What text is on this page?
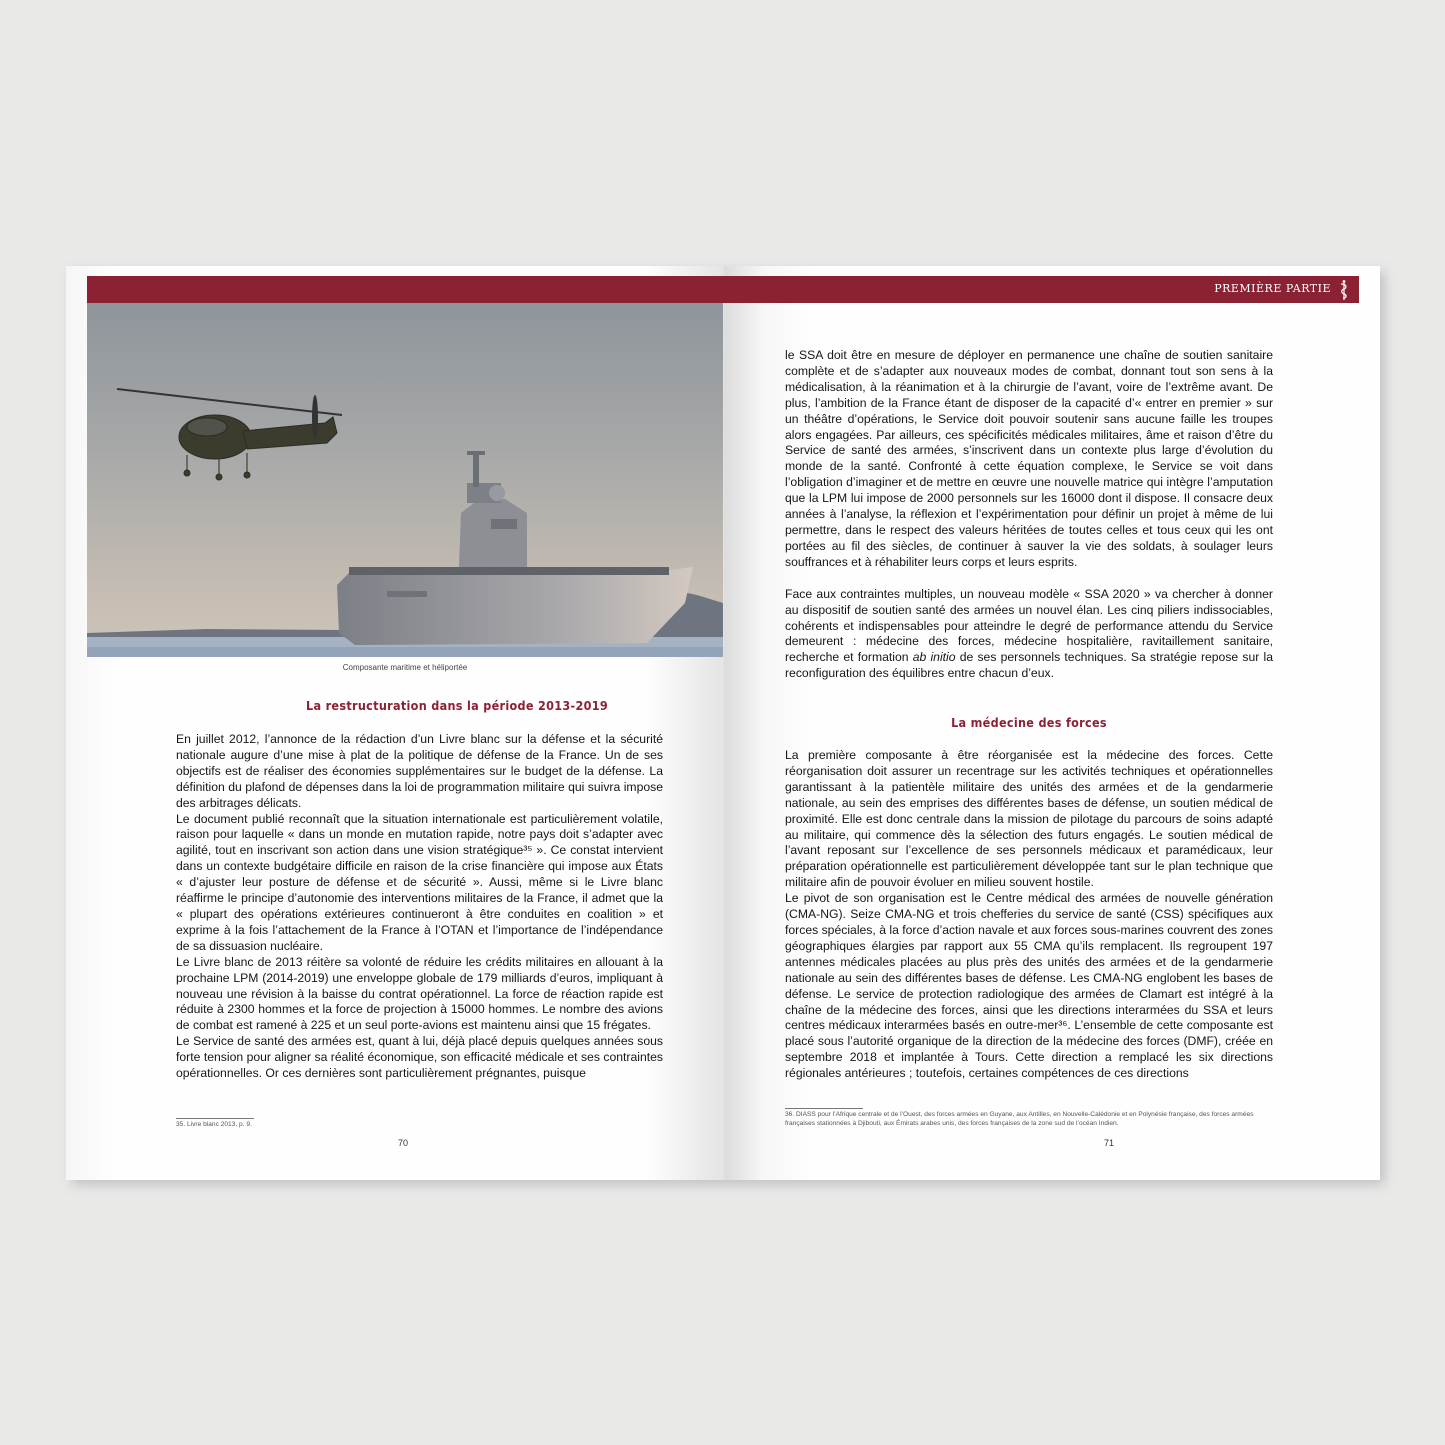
Composante maritime et héliportée
La restructuration dans la périоde 2013-2019

En juillet 2012, l’annonce de la rédaction d’un Livre blanc sur la défense et la sécurité nationale augure d’une mise à plat de la politique de défense de la France. Un de ses objectifs est de réaliser des économies supplémentaires sur le budget de la défense. La définition du plafond de dépenses dans la loi de programmation militaire qui suivra impose des arbitrages délicats.

Le document publié reconnaît que la situation internationale est particulièrement volatile, raison pour laquelle « dans un monde en mutation rapide, notre pays doit s’adapter avec agilité, tout en inscrivant son action dans une vision stratégique³⁵ ». Ce constat intervient dans un contexte budgétaire difficile en raison de la crise financière qui impose aux États « d’ajuster leur posture de défense et de sécurité ». Aussi, même si le Livre blanc réaffirme le principe d’autonomie des interventions militaires de la France, il admet que la « plupart des opérations extérieures continueront à être conduites en coalition » et exprime à la fois l’attachement de la France à l’OTAN et l’importance de l’indépendance de sa dissuasion nucléaire.

Le Livre blanc de 2013 réitère sa volonté de réduire les crédits militaires en allouant à la prochaine LPM (2014-2019) une enveloppe globale de 179 milliards d’euros, impliquant à nouveau une révision à la baisse du contrat opérationnel. La force de réaction rapide est réduite à 2300 hommes et la force de projection à 15000 hommes. Le nombre des avions de combat est ramené à 225 et un seul porte-avions est maintenu ainsi que 15 frégates.

Le Service de santé des armées est, quant à lui, déjà placé depuis quelques années sous forte tension pour aligner sa réalité économique, son efficacité médicale et ses contraintes opérationnelles. Or ces dernières sont particulièrement prégnantes, puisque

35. Livre blanc 2013, p. 9.
70
PREMIÈRE PARTIE

le SSA doit être en mesure de déployer en permanence une chaîne de soutien sanitaire complète et de s’adapter aux nouveaux modes de combat, donnant tout son sens à la médicalisation, à la réanimation et à la chirurgie de l’avant, voire de l’extrême avant. De plus, l’ambition de la France étant de disposer de la capacité d’« entrer en premier » sur un théâtre d’opérations, le Service doit pouvoir soutenir sans aucune faille les troupes alors engagées. Par ailleurs, ces spécificités médicales militaires, âme et raison d’être du Service de santé des armées, s’inscrivent dans un contexte plus large d’évolution du monde de la santé. Confronté à cette équation complexe, le Service se voit dans l’obligation d’imaginer et de mettre en œuvre une nouvelle matrice qui intègre l’amputation que la LPM lui impose de 2000 personnels sur les 16000 dont il dispose. Il consacre deux années à l’analyse, la réflexion et l’expérimentation pour définir un projet à même de lui permettre, dans le respect des valeurs héritées de toutes celles et tous ceux qui les ont portées au fil des siècles, de continuer à sauver la vie des soldats, à soulager leurs souffrances et à réhabiliter leurs corps et leurs esprits.

Face aux contraintes multiples, un nouveau modèle « SSA 2020 » va chercher à donner au dispositif de soutien santé des armées un nouvel élan. Les cinq piliers indissociables, cohérents et indispensables pour atteindre le degré de performance attendu du Service demeurent : médecine des forces, médecine hospitalière, ravitaillement sanitaire, recherche et formation ab initio de ses personnels techniques. Sa stratégie repose sur la reconfiguration des équilibres entre chacun d’eux.

La médecine des forces

La première composante à être réorganisée est la médecine des forces. Cette réorganisation doit assurer un recentrage sur les activités techniques et opérationnelles garantissant à la patientèle militaire des unités des armées et de la gendarmerie nationale, au sein des emprises des différentes bases de défense, un soutien médical de proximité. Elle est donc centrale dans la mission de pilotage du parcours de soins adapté au militaire, qui commence dès la sélection des futurs engagés. Le soutien médical de l’avant reposant sur l’excellence de ses personnels médicaux et paramédicaux, leur préparation opérationnelle est particulièrement développée tant sur le plan technique que militaire afin de pouvoir évoluer en milieu souvent hostile.

Le pivot de son organisation est le Centre médical des armées de nouvelle génération (CMA-NG). Seize CMA-NG et trois chefferies du service de santé (CSS) spécifiques aux forces spéciales, à la force d’action navale et aux forces sous-marines couvrent des zones géographiques élargies par rapport aux 55 CMA qu’ils remplacent. Ils regroupent 197 antennes médicales placées au plus près des unités des armées et de la gendarmerie nationale au sein des différentes bases de défense. Les CMA-NG englobent les bases de défense. Le service de protection radiologique des armées de Clamart est intégré à la chaîne de la médecine des forces, ainsi que les directions interarmées du SSA et leurs centres médicaux interarmées basés en outre-mer³⁶. L’ensemble de cette composante est placé sous l’autorité organique de la direction de la médecine des forces (DMF), créée en septembre 2018 et implantée à Tours. Cette direction a remplacé les six directions régionales antérieures ; toutefois, certaines compétences de ces directions

36. DIASS pour l’Afrique centrale et de l’Ouest, des forces armées en Guyane, aux Antilles, en Nouvelle-Calédonie et en Polynésie française, des forces armées françaises stationnées à Djibouti, aux Émirats arabes unis, des forces françaises de la zone sud de l’océan Indien.
71
